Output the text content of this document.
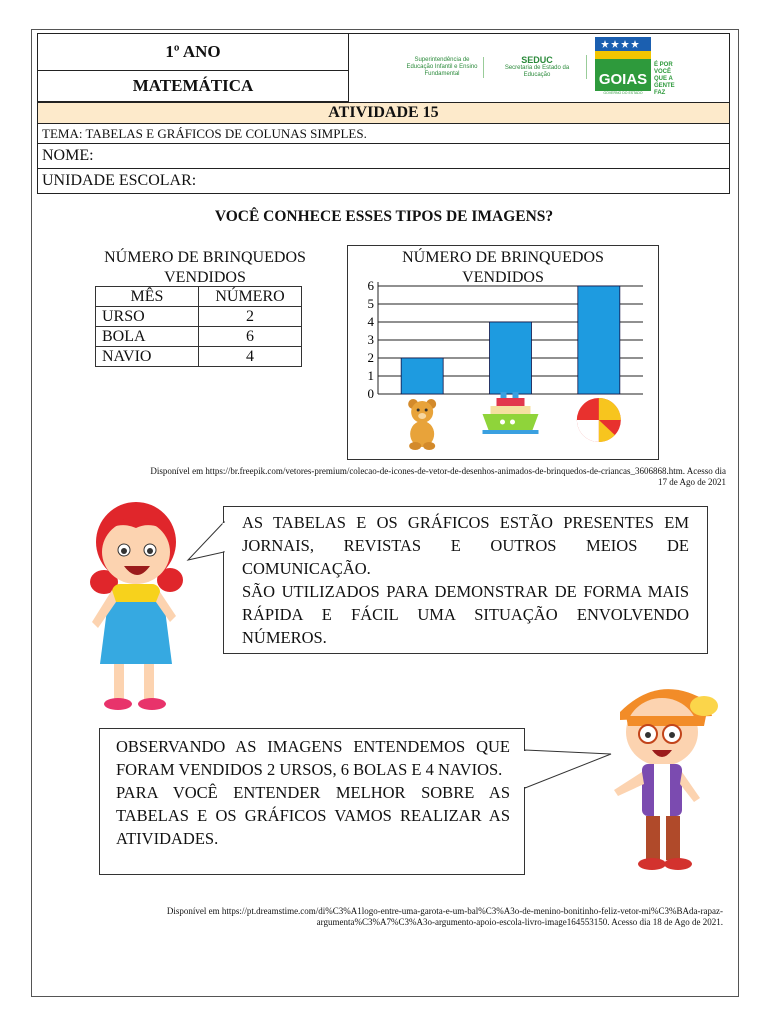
1º ANO
MATEMÁTICA
Superintendência de Educação Infantil e Ensino Fundamental
SEDUC
Secretaria de Estado da Educação	GOIAS
GOVERNO DO ESTADO
É POR VOCÊ QUE A GENTE FAZ
ATIVIDADE 15
TEMA: TABELAS E GRÁFICOS DE COLUNAS SIMPLES.
NOME:
UNIDADE ESCOLAR:
VOCÊ CONHECE ESSES TIPOS DE IMAGENS?
NÚMERO DE BRINQUEDOS
VENDIDOS
MÊS	NÚMERO
URSO	2
BOLA	6
NAVIO	4
NÚMERO DE BRINQUEDOS
VENDIDOS
0
1
2
3
4
5
6
Disponível em https://br.freepik.com/vetores-premium/colecao-de-icones-de-vetor-de-desenhos-animados-de-brinquedos-de-criancas_3606868.htm. Acesso dia
17 de Ago de 2021

AS TABELAS E OS GRÁFICOS ESTÃO PRESENTES EM JORNAIS, REVISTAS E OUTROS MEIOS DE COMUNICAÇÃO.

SÃO UTILIZADOS PARA DEMONSTRAR DE FORMA MAIS RÁPIDA E FÁCIL UMA SITUAÇÃO ENVOLVENDO NÚMEROS.

OBSERVANDO AS IMAGENS ENTENDEMOS QUE FORAM VENDIDOS 2 URSOS, 6 BOLAS E 4 NAVIOS.

PARA VOCÊ ENTENDER MELHOR SOBRE AS TABELAS E OS GRÁFICOS VAMOS REALIZAR AS ATIVIDADES.

Disponível em https://pt.dreamstime.com/di%C3%A1logo-entre-uma-garota-e-um-bal%C3%A3o-de-menino-bonitinho-feliz-vetor-mi%C3%BAda-rapaz-
argumenta%C3%A7%C3%A3o-argumento-apoio-escola-livro-image164553150. Acesso dia 18 de Ago de 2021.
